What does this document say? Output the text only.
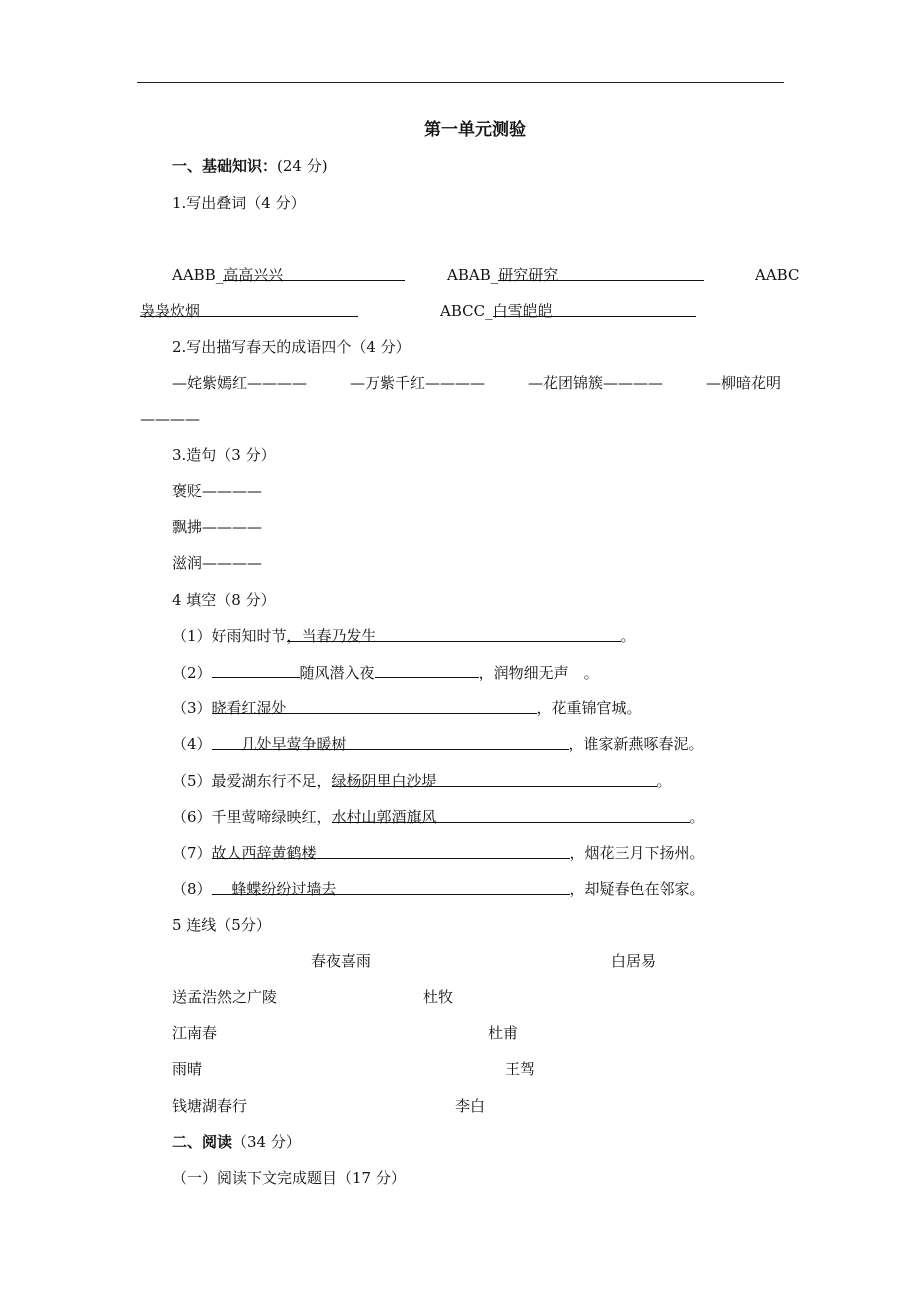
第一单元测验
一、基础知识：(24 分)
1.写出叠词（4 分）
AABB_高高兴兴	ABAB_研究研究	AABC
袅袅炊烟	ABCC_白雪皑皑
2.写出描写春天的成语四个（4 分）
—姹紫嫣红————	—万紫千红————	—花团锦簇————	—柳暗花明
————
3.造句（3 分）
褒贬————
飘拂————
滋润————
4 填空（8 分）
（1）好雨知时节，当春乃发生	。
（2）	随风潜入夜	，润物细无声　。
（3）晓看红湿处	，花重锦官城。
（4）　　几处早莺争暖树	，谁家新燕啄春泥。
（5）最爱湖东行不足，绿杨阴里白沙堤	。
（6）千里莺啼绿映红，水村山郭酒旗风	。
（7）故人西辞黄鹤楼	，烟花三月下扬州。
（8）　 蜂蝶纷纷过墙去	，却疑春色在邻家。
5 连线（5分）
春夜喜雨	白居易
送孟浩然之广陵	杜牧
江南春	杜甫
雨晴	王驾
钱塘湖春行	李白
二、阅读（34 分）
（一）阅读下文完成题目（17 分）
